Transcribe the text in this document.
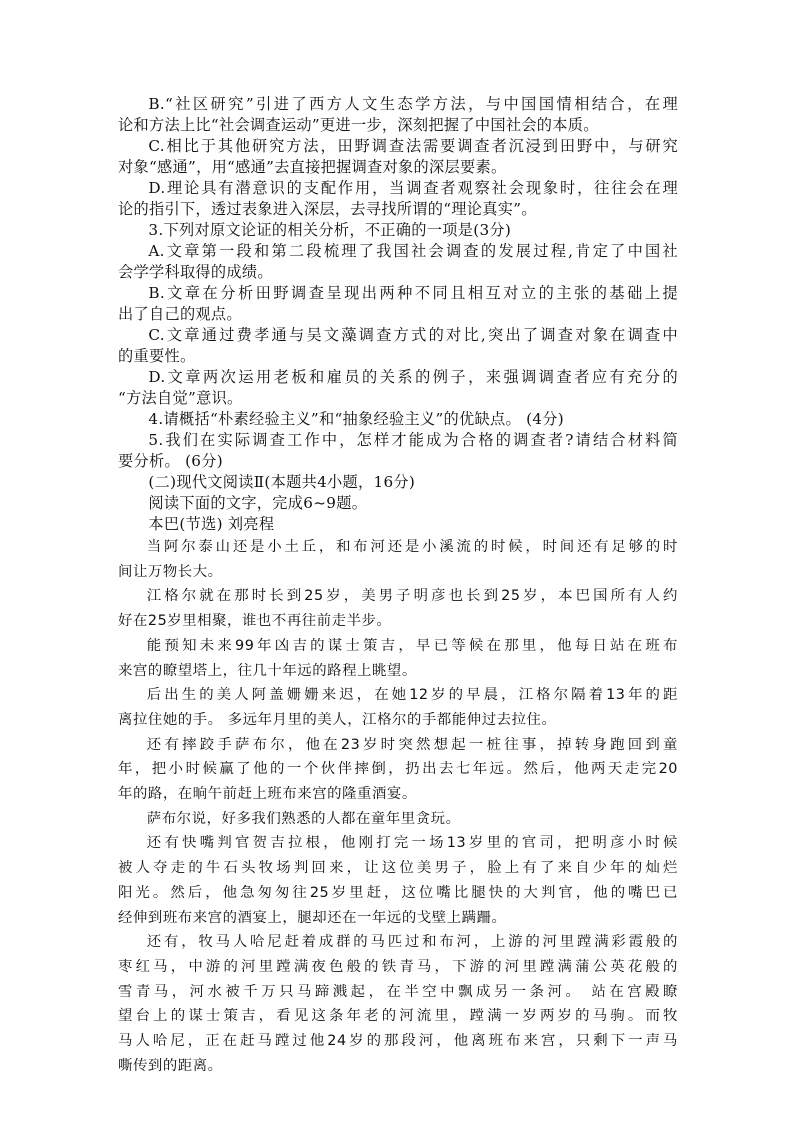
B.“社区研究”引进了西方人文生态学方法，与中国国情相结合，在理

论和方法上比“社会调查运动”更进一步，深刻把握了中国社会的本质。

C.相比于其他研究方法，田野调查法需要调查者沉浸到田野中，与研究

对象“感通”，用“感通”去直接把握调查对象的深层要素。

D.理论具有潜意识的支配作用，当调查者观察社会现象时，往往会在理

论的指引下，透过表象进入深层，去寻找所谓的“理论真实”。

3.下列对原文论证的相关分析，不正确的一项是(3分)

A.文章第一段和第二段梳理了我国社会调查的发展过程,肯定了中国社

会学学科取得的成绩。

B.文章在分析田野调查呈现出两种不同且相互对立的主张的基础上提

出了自己的观点。

C.文章通过费孝通与吴文藻调查方式的对比,突出了调查对象在调查中

的重要性。

D.文章两次运用老板和雇员的关系的例子，来强调调查者应有充分的

“方法自觉”意识。

4.请概括“朴素经验主义”和“抽象经验主义”的优缺点。 (4分)

5.我们在实际调查工作中，怎样才能成为合格的调查者?请结合材料简

要分析。 (6分)

(二)现代文阅读Ⅱ(本题共4小题，16分)

阅读下面的文字，完成6~9题。

本巴(节选) 刘亮程

当阿尔泰山还是小土丘，和布河还是小溪流的时候，时间还有足够的时

间让万物长大。

江格尔就在那时长到25岁，美男子明彦也长到25岁，本巴国所有人约

好在25岁里相聚，谁也不再往前走半步。

能预知未来99年凶吉的谋士策吉，早已等候在那里，他每日站在班布

来宫的瞭望塔上，往几十年远的路程上眺望。

后出生的美人阿盖姗姗来迟，在她12岁的早晨，江格尔隔着13年的距

离拉住她的手。 多远年月里的美人，江格尔的手都能伸过去拉住。

还有摔跤手萨布尔，他在23岁时突然想起一桩往事，掉转身跑回到童

年，把小时候赢了他的一个伙伴摔倒，扔出去七年远。然后，他两天走完20

年的路，在晌午前赶上班布来宫的隆重酒宴。

萨布尔说，好多我们熟悉的人都在童年里贪玩。

还有快嘴判官贺吉拉根，他刚打完一场13岁里的官司，把明彦小时候

被人夺走的牛石头牧场判回来，让这位美男子，脸上有了来自少年的灿烂

阳光。然后，他急匆匆往25岁里赶，这位嘴比腿快的大判官，他的嘴巴已

经伸到班布来宫的酒宴上，腿却还在一年远的戈壁上蹒跚。

还有，牧马人哈尼赶着成群的马匹过和布河，上游的河里蹚满彩霞般的

枣红马，中游的河里蹚满夜色般的铁青马，下游的河里蹚满蒲公英花般的

雪青马，河水被千万只马蹄溅起，在半空中飘成另一条河。 站在宫殿瞭

望台上的谋士策吉，看见这条年老的河流里，蹚满一岁两岁的马驹。而牧

马人哈尼，正在赶马蹚过他24岁的那段河，他离班布来宫，只剩下一声马

嘶传到的距离。
